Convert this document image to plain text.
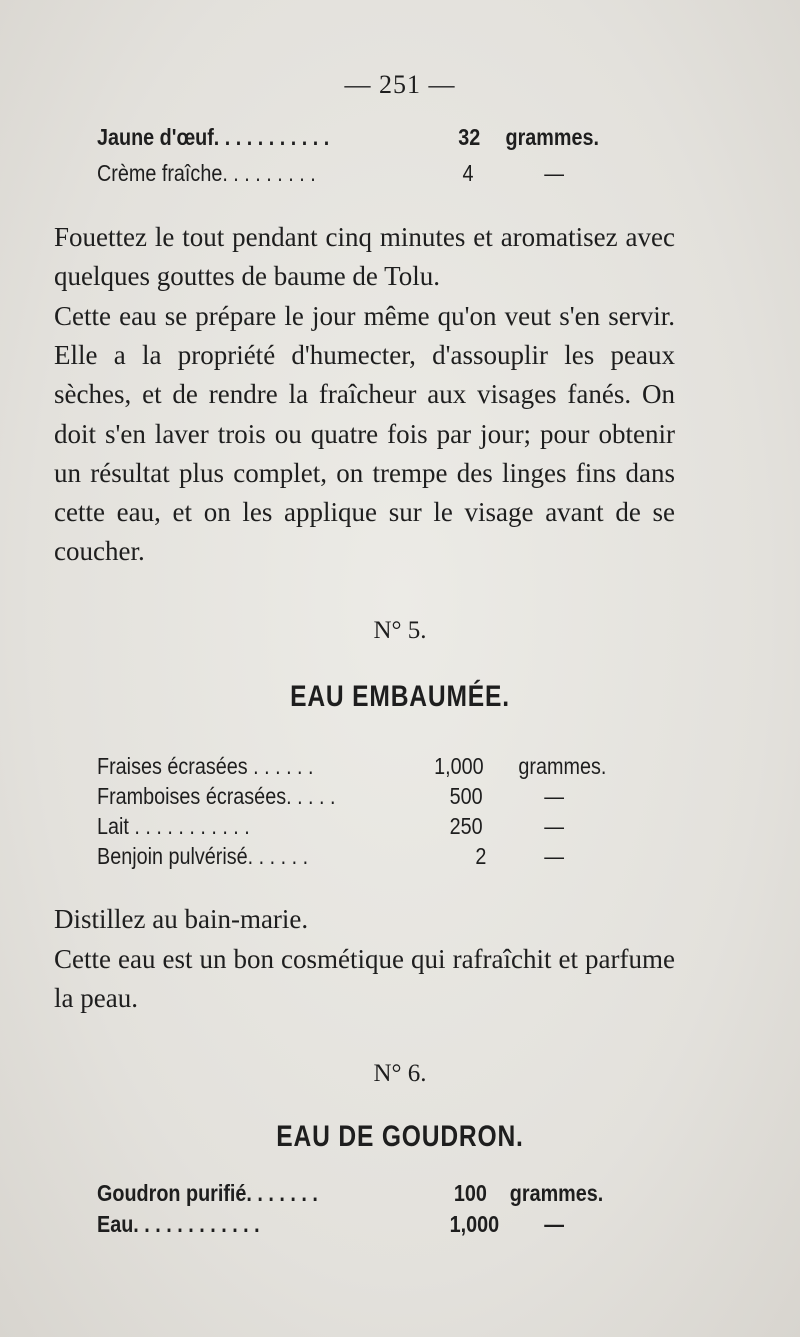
— 251 —
Jaune d'œuf. . . . . . . . . . .	32 grammes.
Crème fraîche. . . . . . . . .	4	—
Fouettez le tout pendant cinq minutes et aromatisez avec quelques gouttes de baume de Tolu.
Cette eau se prépare le jour même qu'on veut s'en servir. Elle a la propriété d'humecter, d'assouplir les peaux sèches, et de rendre la fraîcheur aux visages fanés. On doit s'en laver trois ou quatre fois par jour; pour obtenir un résultat plus complet, on trempe des linges fins dans cette eau, et on les applique sur le visage avant de se coucher.
N° 5.
EAU EMBAUMÉE.
Fraises écrasées . . . . . .	1,000 grammes.
Framboises écrasées. . . . .	500	—
Lait . . . . . . . . . . .	250	—
Benjoin pulvérisé. . . . . .	2	—
Distillez au bain-marie.
Cette eau est un bon cosmétique qui rafraîchit et parfume la peau.
N° 6.
EAU DE GOUDRON.
Goudron purifié. . . . . . .	100 grammes.
Eau. . . . . . . . . . . .	1,000 —
